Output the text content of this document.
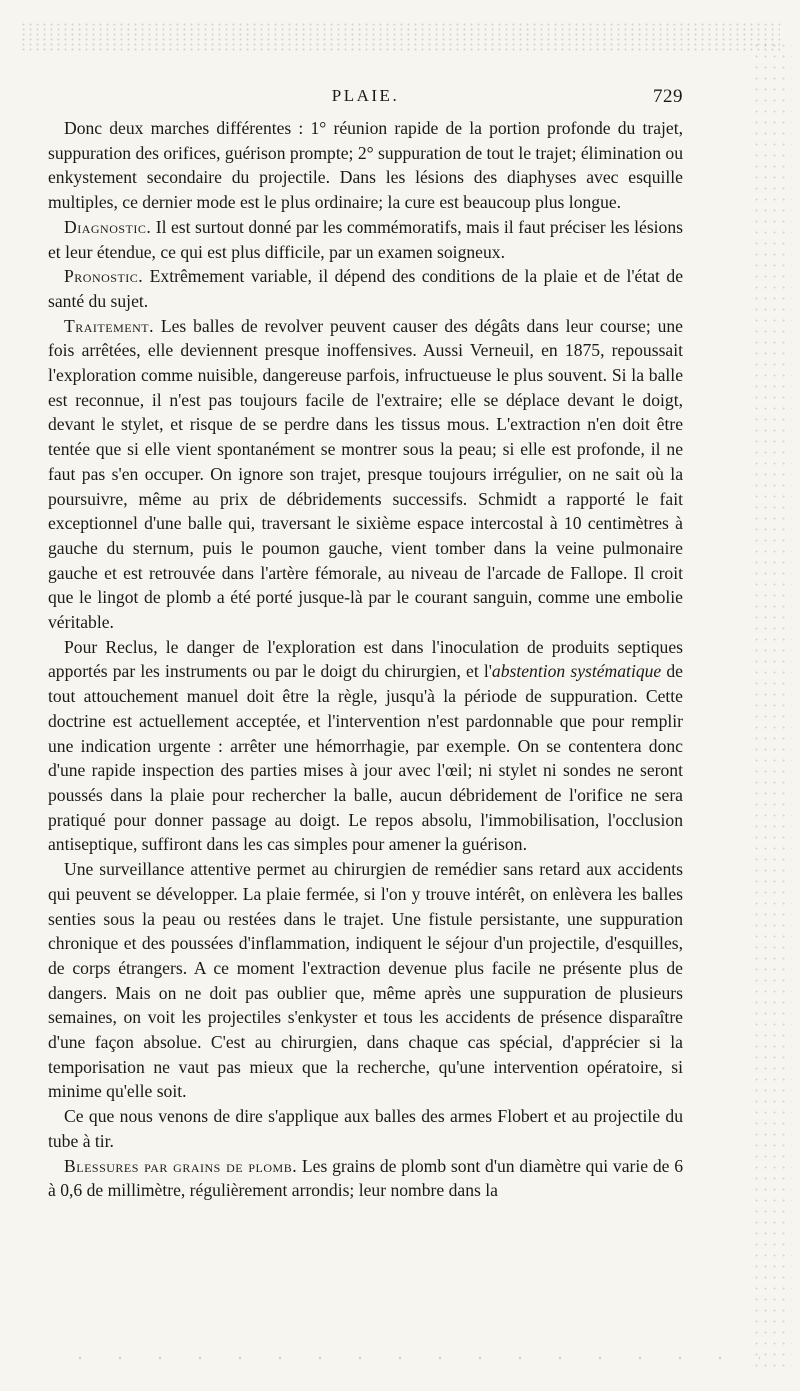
PLAIE.	729

Donc deux marches différentes : 1° réunion rapide de la portion profonde du trajet, suppuration des orifices, guérison prompte; 2° suppuration de tout le trajet; élimination ou enkystement secondaire du projectile. Dans les lésions des diaphyses avec esquille multiples, ce dernier mode est le plus ordinaire; la cure est beaucoup plus longue.

Diagnostic. Il est surtout donné par les commémoratifs, mais il faut préciser les lésions et leur étendue, ce qui est plus difficile, par un examen soigneux.

Pronostic. Extrêmement variable, il dépend des conditions de la plaie et de l'état de santé du sujet.

Traitement. Les balles de revolver peuvent causer des dégâts dans leur course; une fois arrêtées, elle deviennent presque inoffensives. Aussi Verneuil, en 1875, repoussait l'exploration comme nuisible, dangereuse parfois, infructueuse le plus souvent. Si la balle est reconnue, il n'est pas toujours facile de l'extraire; elle se déplace devant le doigt, devant le stylet, et risque de se perdre dans les tissus mous. L'extraction n'en doit être tentée que si elle vient spontanément se montrer sous la peau; si elle est profonde, il ne faut pas s'en occuper. On ignore son trajet, presque toujours irrégulier, on ne sait où la poursuivre, même au prix de débridements successifs. Schmidt a rapporté le fait exceptionnel d'une balle qui, traversant le sixième espace intercostal à 10 centimètres à gauche du sternum, puis le poumon gauche, vient tomber dans la veine pulmonaire gauche et est retrouvée dans l'artère fémorale, au niveau de l'arcade de Fallope. Il croit que le lingot de plomb a été porté jusque-là par le courant sanguin, comme une embolie véritable.

Pour Reclus, le danger de l'exploration est dans l'inoculation de produits septiques apportés par les instruments ou par le doigt du chirurgien, et l'abstention systématique de tout attouchement manuel doit être la règle, jusqu'à la période de suppuration. Cette doctrine est actuellement acceptée, et l'intervention n'est pardonnable que pour remplir une indication urgente : arrêter une hémorrhagie, par exemple. On se contentera donc d'une rapide inspection des parties mises à jour avec l'œil; ni stylet ni sondes ne seront poussés dans la plaie pour rechercher la balle, aucun débridement de l'orifice ne sera pratiqué pour donner passage au doigt. Le repos absolu, l'immobilisation, l'occlusion antiseptique, suffiront dans les cas simples pour amener la guérison.

Une surveillance attentive permet au chirurgien de remédier sans retard aux accidents qui peuvent se développer. La plaie fermée, si l'on y trouve intérêt, on enlèvera les balles senties sous la peau ou restées dans le trajet. Une fistule persistante, une suppuration chronique et des poussées d'inflammation, indiquent le séjour d'un projectile, d'esquilles, de corps étrangers. A ce moment l'extraction devenue plus facile ne présente plus de dangers. Mais on ne doit pas oublier que, même après une suppuration de plusieurs semaines, on voit les projectiles s'enkyster et tous les accidents de présence disparaître d'une façon absolue. C'est au chirurgien, dans chaque cas spécial, d'apprécier si la temporisation ne vaut pas mieux que la recherche, qu'une intervention opératoire, si minime qu'elle soit.

Ce que nous venons de dire s'applique aux balles des armes Flobert et au projectile du tube à tir.

Blessures par grains de plomb. Les grains de plomb sont d'un diamètre qui varie de 6 à 0,6 de millimètre, régulièrement arrondis; leur nombre dans la
